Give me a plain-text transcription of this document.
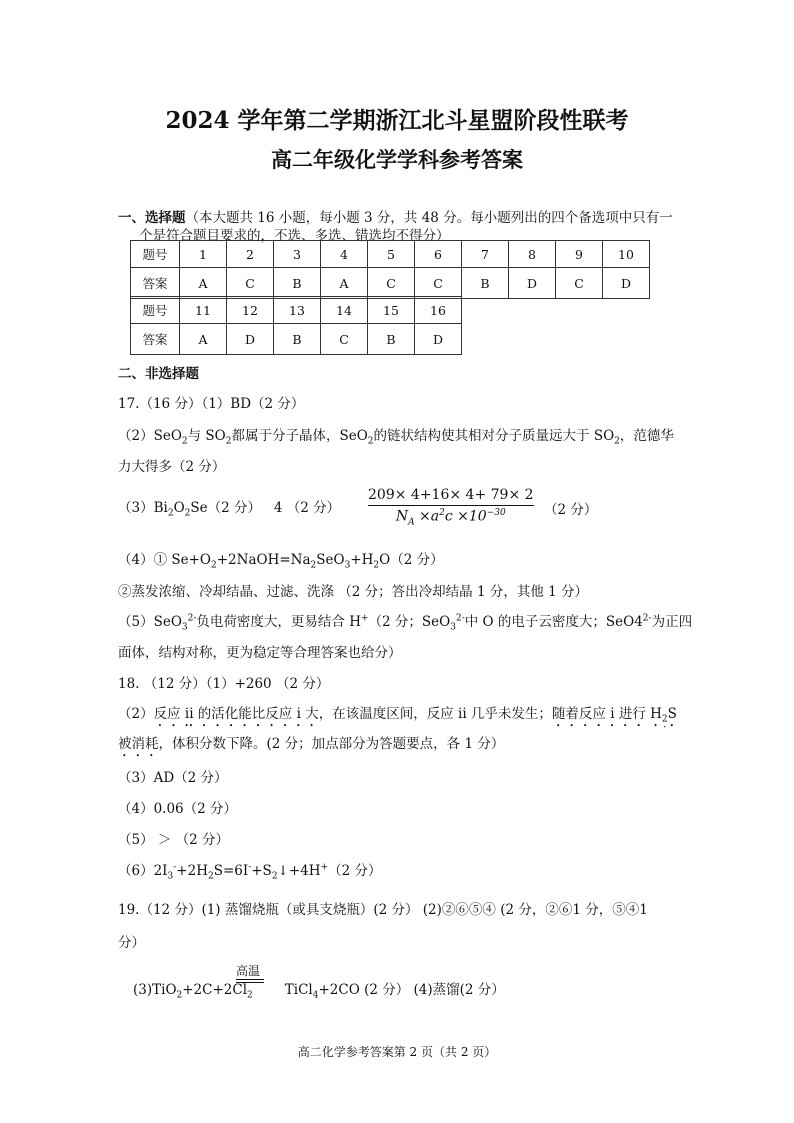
2024 学年第二学期浙江北斗星盟阶段性联考
高二年级化学学科参考答案
一、选择题（本大题共 16 小题，每小题 3 分，共 48 分。每小题列出的四个备选项中只有一
个是符合题目要求的，不选、多选、错选均不得分）
题号	1	2	3	4	5	6	7	8	9	10
答案	A	C	B	A	C	C	B	D	C	D
题号	11	12	13	14	15	16
答案	A	D	B	C	B	D
二、非选择题
17.（16 分）（1）BD（2 分）
（2）SeO$_2$与 $SO_2$都属于分子晶体，SeO$_2$的链状结构使其相对分子质量远大于 $SO_2$，范德华
力大得多（2 分）
$(3)Bi_2O_2Se(2$ 分） 4 （2 分） $\frac{209\times 4+16\times 4+ 79\times 2}{N_A \times a^2c \times 10^{-30}} (2$ 分）
（4）① $Se+O_2+2NaOH=Na_2SeO_3+H_2O(2$ 分）
②蒸发浓缩、冷却结晶、过滤、洗涤 （2 分；答出冷却结晶 1 分，其他 1 分）
（5）SeO$_3^{2-}$负电荷密度大，更易结合 H+（2 分；SeO$_3^{2-}$中 O 的电子云密度大；$SeO4^{2-}$为正四
面体，结构对称，更为稳定等合理答案也给分）
18. （12 分）（1）+260 （2 分）
（2）反应 ii 的活化能比反应 i 大，在该温度区间，反应 ii 几乎未发生；随着反应 i 进行 $H_2S$
被消耗，体积分数下降。(2 分；加点部分为答题要点，各 1 分）
（3）AD（2 分）
（4）0.06（2 分）
（5） ＞ （2 分）
$(6)2I_3^-+2H_2S=6I^-+S_2↓+4H^+(2$ 分）
19.（12 分）(1) 蒸馏烧瓶（或具支烧瓶）(2 分） (2)②⑥⑤④ (2 分，②⑥1 分，⑤④1
分）
高温
$(3)TiO_2+2C+2Cl_2$ TiCl$_4$+2CO (2 分） (4)蒸馏(2 分）
高二化学参考答案第 2 页（共 2 页）
